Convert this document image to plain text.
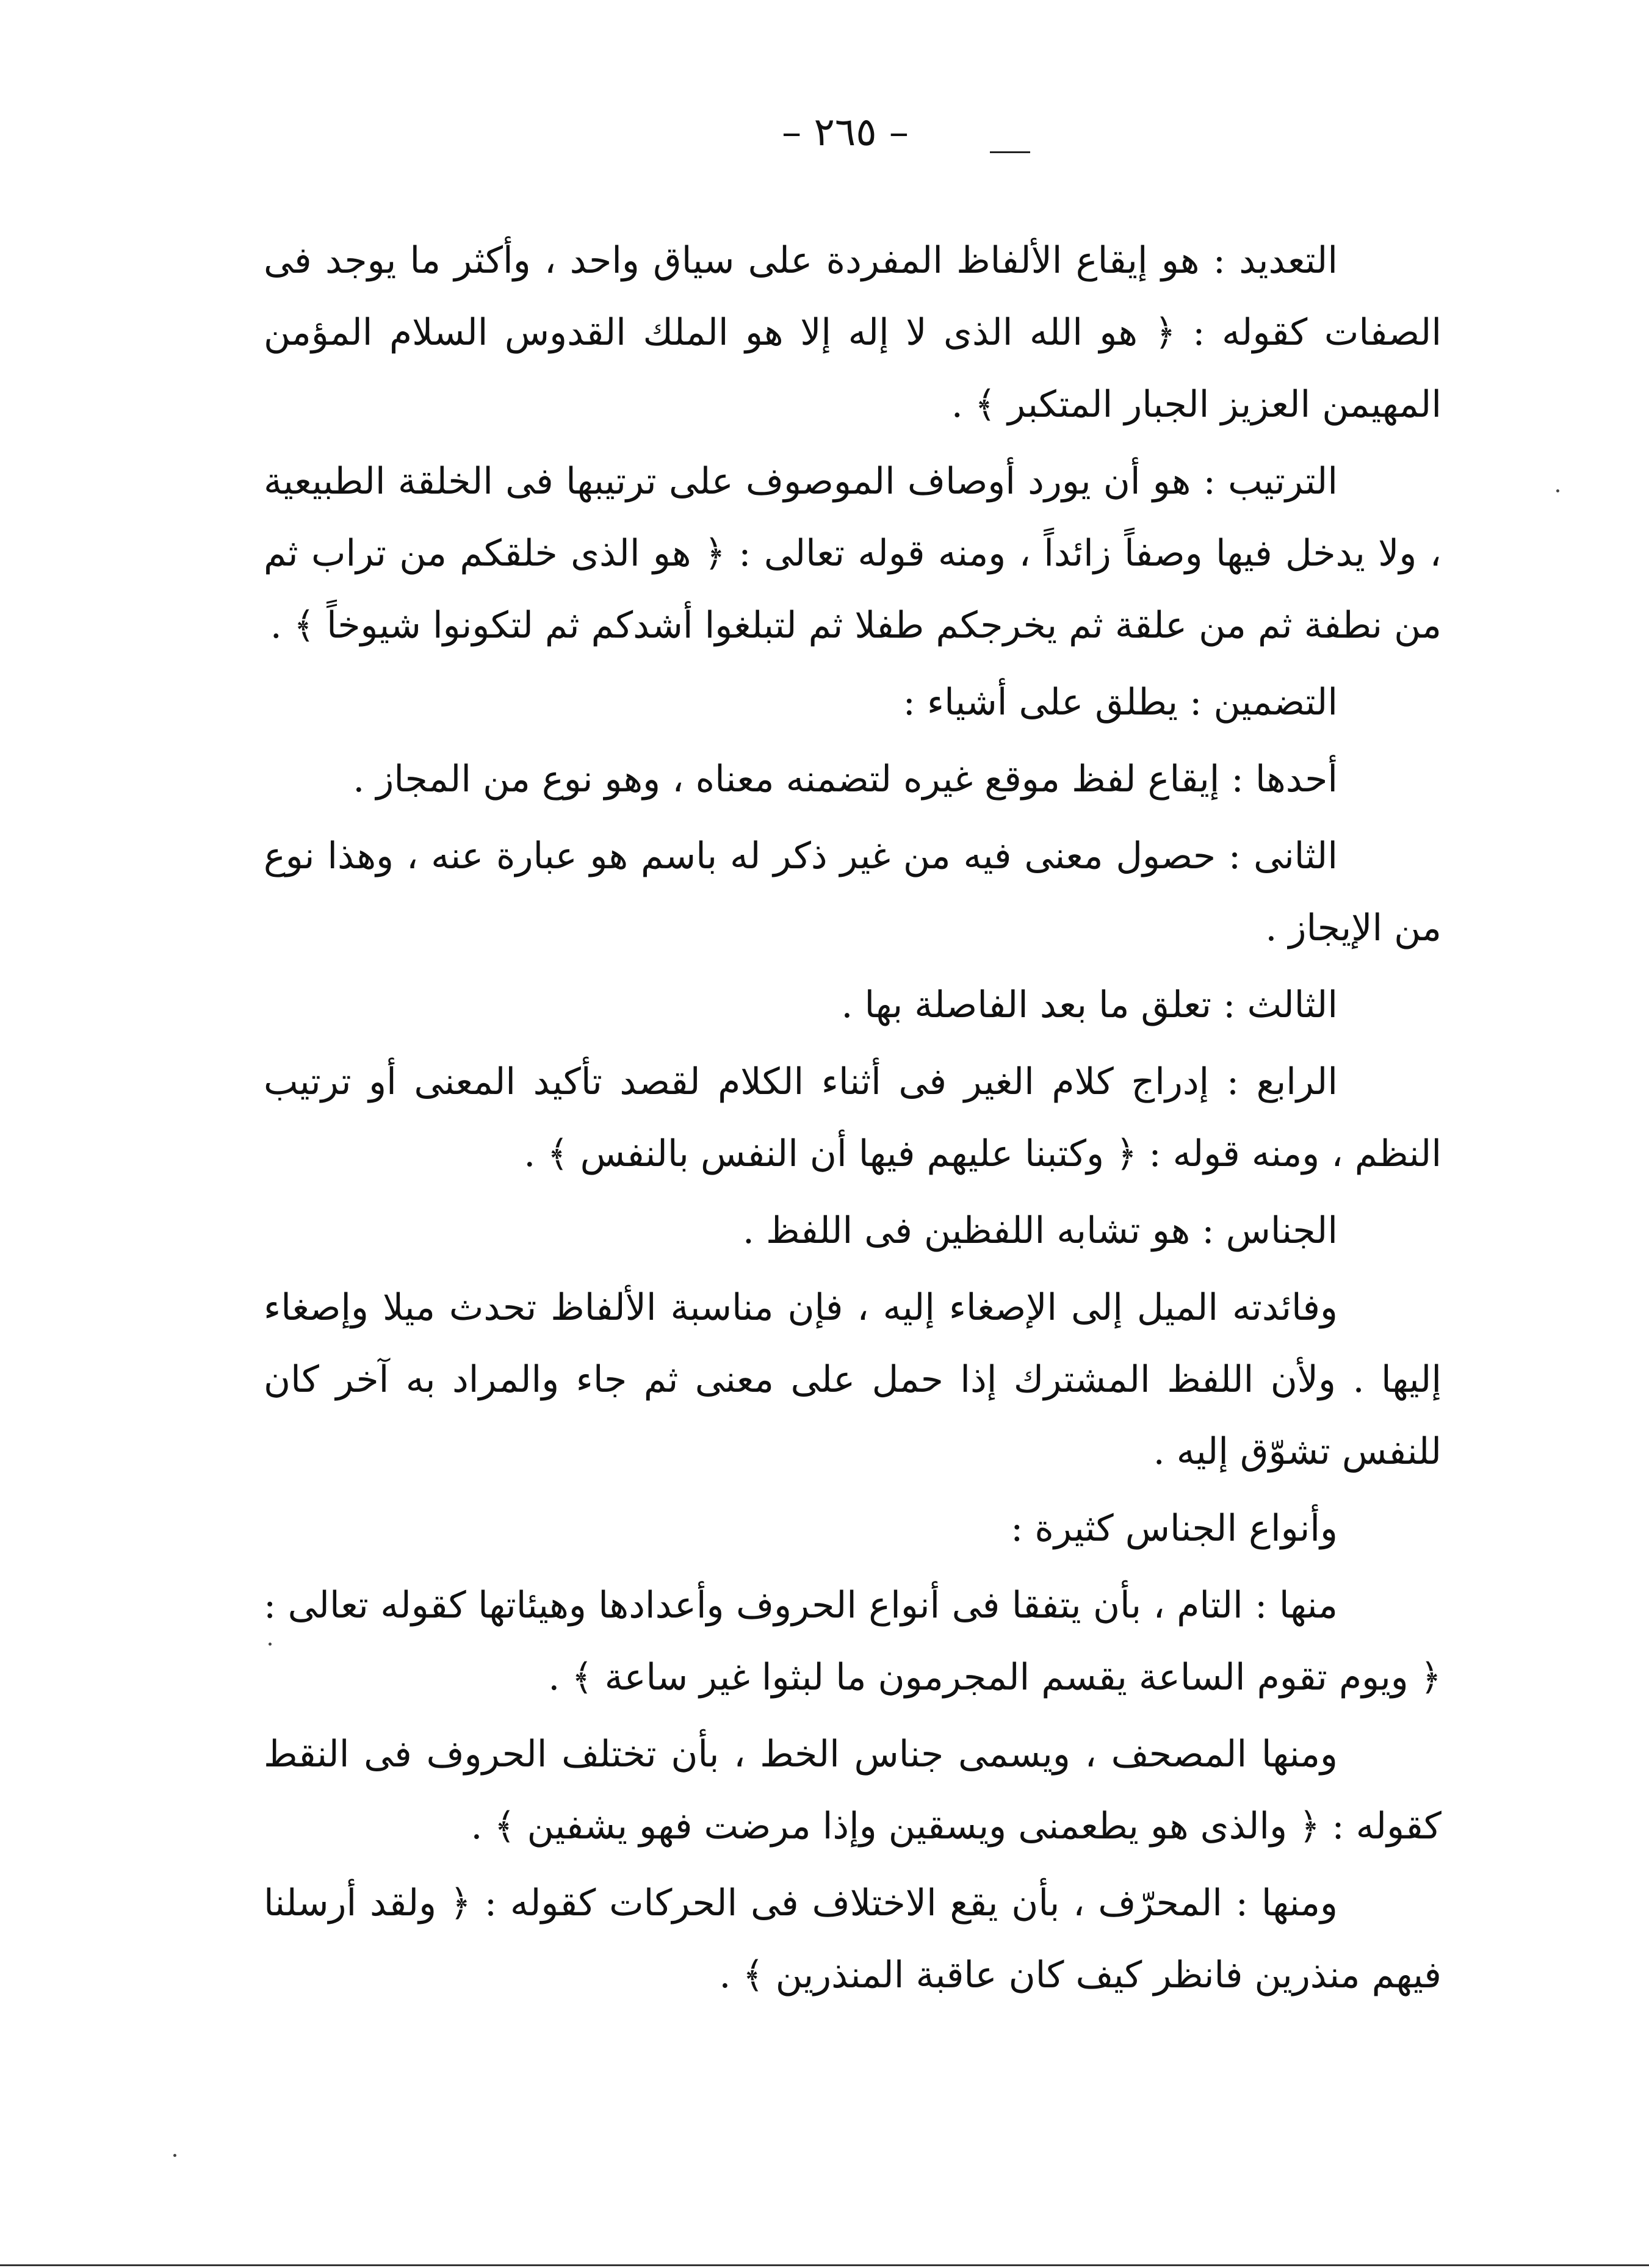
– ٢٦٥ –

التعديد : هو إيقاع الألفاظ المفردة على سياق واحد ، وأكثر ما يوجد فى الصفات كقوله : ﴿ هو الله الذى لا إله إلا هو الملك القدوس السلام المؤمن المهيمن العزيز الجبار المتكبر ﴾ .

الترتيب : هو أن يورد أوصاف الموصوف على ترتيبها فى الخلقة الطبيعية ، ولا يدخل فيها وصفاً زائداً ، ومنه قوله تعالى : ﴿ هو الذى خلقكم من تراب ثم من نطفة ثم من علقة ثم يخرجكم طفلا ثم لتبلغوا أشدكم ثم لتكونوا شيوخاً ﴾ .

التضمين : يطلق على أشياء :

أحدها : إيقاع لفظ موقع غيره لتضمنه معناه ، وهو نوع من المجاز .

الثانى : حصول معنى فيه من غير ذكر له باسم هو عبارة عنه ، وهذا نوع من الإيجاز .

الثالث : تعلق ما بعد الفاصلة بها .

الرابع : إدراج كلام الغير فى أثناء الكلام لقصد تأكيد المعنى أو ترتيب النظم ، ومنه قوله : ﴿ وكتبنا عليهم فيها أن النفس بالنفس ﴾ .

الجناس : هو تشابه اللفظين فى اللفظ .

وفائدته الميل إلى الإصغاء إليه ، فإن مناسبة الألفاظ تحدث ميلا وإصغاء إليها . ولأن اللفظ المشترك إذا حمل على معنى ثم جاء والمراد به آخر كان للنفس تشوّق إليه .

وأنواع الجناس كثيرة :

منها : التام ، بأن يتفقا فى أنواع الحروف وأعدادها وهيئاتها كقوله تعالى : ﴿ ويوم تقوم الساعة يقسم المجرمون ما لبثوا غير ساعة ﴾ .

ومنها المصحف ، ويسمى جناس الخط ، بأن تختلف الحروف فى النقط كقوله : ﴿ والذى هو يطعمنى ويسقين وإذا مرضت فهو يشفين ﴾ .

ومنها : المحرّف ، بأن يقع الاختلاف فى الحركات كقوله : ﴿ ولقد أرسلنا فيهم منذرين فانظر كيف كان عاقبة المنذرين ﴾ .
